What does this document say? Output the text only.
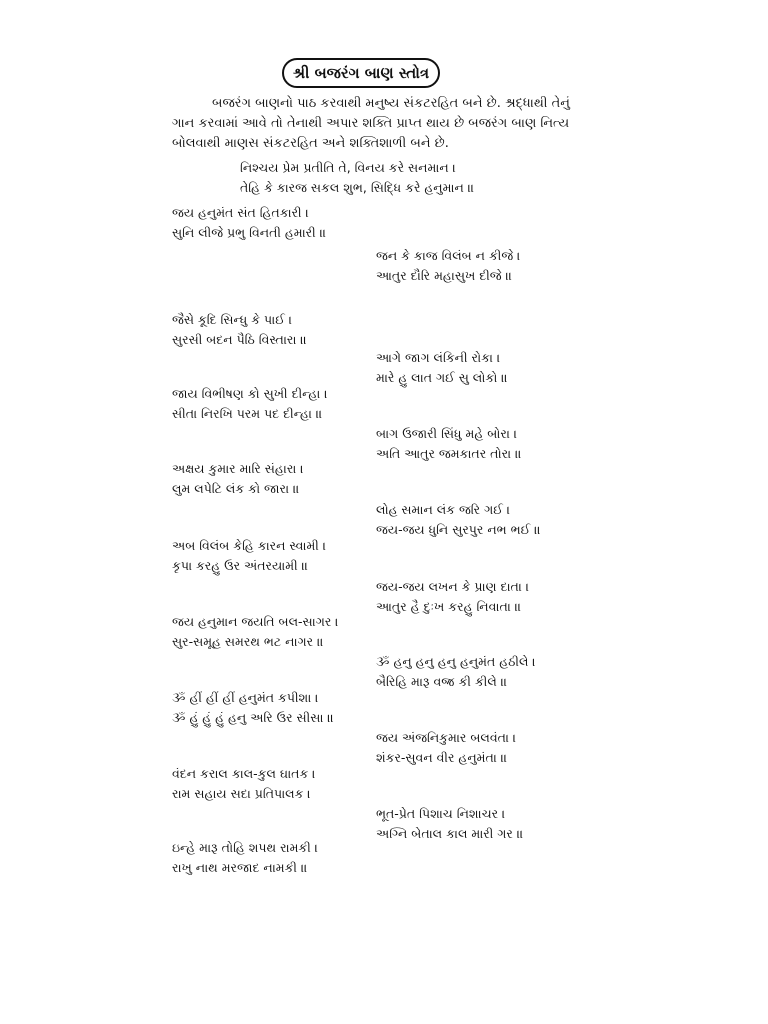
શ્રી બજરંગ બાણ સ્તોત્ર
બજરંગ બાણનો પાઠ કરવાથી મનુષ્ય સંકટરહિત બને છે. શ્રદ્ધાથી તેનું
ગાન કરવામાં આવે તો તેનાથી અપાર શક્તિ પ્રાપ્ત થાય છે બજરંગ બાણ નિત્ય
બોલવાથી માણસ સંકટરહિત અને શક્તિશાળી બને છે.
નિશ્ચય પ્રેમ પ્રતીતિ તે, વિનય કરે સનમાન ।
તેહિ કે કારજ સકલ શુભ, સિદ્ધિ કરે હનુમાન ॥
જય હનુમંત સંત હિતકારી ।
સુનિ લીજે પ્રભુ વિનતી હમારી ॥
જન કે કાજ વિલંબ ન કીજે ।
આતુર દૌરિ મહાસુખ દીજે ॥
જૈસે કૂદિ સિન્ધુ કે પાઈ ।
સુરસી બદન પૈઠિ વિસ્તારા ॥
આગે જાગ લંકિની રોકા ।
મારે હુ લાત ગઈ સુ લોકો ॥
જાય વિભીષણ કો સુખી દીન્હા ।
સીતા નિરખિ પરમ પદ દીન્હા ॥
બાગ ઉજારી સિંધુ મહે બોરા ।
અતિ આતુર જમકાતર તોરા ॥
અક્ષય કુમાર મારિ સંહારા ।
લુમ લપેટિ લંક કો જારા ॥
લોહ સમાન લંક જરિ ગઈ ।
જય-જય ધુનિ સુરપુર નભ ભઈ ॥
અબ વિલંબ કેહિ કારન સ્વામી ।
કૃપા કરહુ ઉર અંતરયામી ॥
જય-જય લખન કે પ્રાણ દાતા ।
આતુર હૈ દુઃખ કરહુ નિવાતા ॥
જય હનુમાન જયતિ બલ-સાગર ।
સુર-સમૂહ સમરથ ભટ નાગર ॥
ૐ હનુ હનુ હનુ હનુમંત હઠીલે ।
બૈરિહિ મારૂ વજ્ર કી કીલે ॥
ૐ હીં હીં હીં હનુમંત કપીશા ।
ૐ હું હું હું હનુ અરિ ઉર સીસા ॥
જય અંજનિકુમાર બલવંતા ।
શંકર-સુવન વીર હનુમંતા ॥
વંદન કરાલ કાલ-કુલ ઘાતક ।
રામ સહાય સદા પ્રતિપાલક ।
ભૂત-પ્રેત પિશાચ નિશાચર ।
અગ્નિ બેતાલ કાલ મારી ગર ॥
ઇન્હે મારૂ તોહિ શપથ રામકી ।
રાખુ નાથ મરજાદ નામકી ॥
